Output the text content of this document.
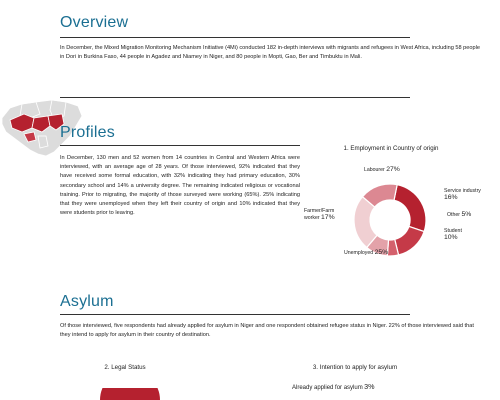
Overview

In December, the Mixed Migration Monitoring Mechanism Initiative (4Mi) conducted 182 in-depth interviews with migrants and refugees in West Africa, including 58 people in Dori in Burkina Faso, 44 people in Agadez and Niamey in Niger, and 80 people in Mopti, Gao, Ber and Timbuktu in Mali.

Profiles

In December, 130 men and 52 women from 14 countries in Central and Western Africa were interviewed, with an average age of 28 years. Of those interviewed, 92% indicated that they have received some formal education, with 32% indicating they had primary education, 30% secondary school and 14% a university degree. The remaining indicated religious or vocational training. Prior to migrating, the majority of those surveyed were working (65%). 25% indicating that they were unemployed when they left their country of origin and 10% indicated that they were students prior to leaving.

1. Employment in Country of origin

Labourer 27%
Service industry
16%
Other 5%
Student
10%
Unemployed 25%
Farmer/Farm worker 17%
Asylum

Of those interviewed, five respondents had already applied for asylum in Niger and one respondent obtained refugee status in Niger. 22% of those interviewed said that they intend to apply for asylum in their country of destination.

2. Legal Status	3. Intention to apply for asylum

Already applied for asylum 3%
